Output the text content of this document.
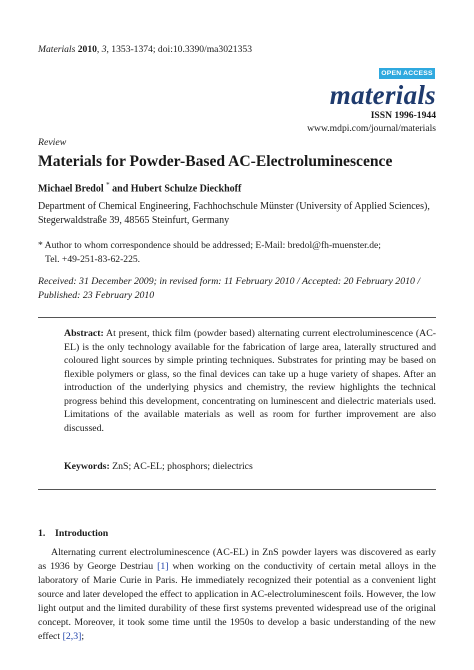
Materials 2010, 3, 1353-1374; doi:10.3390/ma3021353
OPEN ACCESS
materials
ISSN 1996-1944
www.mdpi.com/journal/materials
Review
Materials for Powder-Based AC-Electroluminescence
Michael Bredol * and Hubert Schulze Dieckhoff
Department of Chemical Engineering, Fachhochschule Münster (University of Applied Sciences),
Stegerwaldstraße 39, 48565 Steinfurt, Germany
* Author to whom correspondence should be addressed; E-Mail: bredol@fh-muenster.de;
Tel. +49-251-83-62-225.
Received: 31 December 2009; in revised form: 11 February 2010 / Accepted: 20 February 2010 /
Published: 23 February 2010
Abstract: At present, thick film (powder based) alternating current electroluminescence (AC-EL) is the only technology available for the fabrication of large area, laterally structured and coloured light sources by simple printing techniques. Substrates for printing may be based on flexible polymers or glass, so the final devices can take up a huge variety of shapes. After an introduction of the underlying physics and chemistry, the review highlights the technical progress behind this development, concentrating on luminescent and dielectric materials used. Limitations of the available materials as well as room for further improvement are also discussed.
Keywords: ZnS; AC-EL; phosphors; dielectrics
1. Introduction
Alternating current electroluminescence (AC-EL) in ZnS powder layers was discovered as early as 1936 by George Destriau [1] when working on the conductivity of certain metal alloys in the laboratory of Marie Curie in Paris. He immediately recognized their potential as a convenient light source and later developed the effect to application in AC-electroluminescent foils. However, the low light output and the limited durability of these first systems prevented widespread use of the original concept. Moreover, it took some time until the 1950s to develop a basic understanding of the new effect [2,3];
